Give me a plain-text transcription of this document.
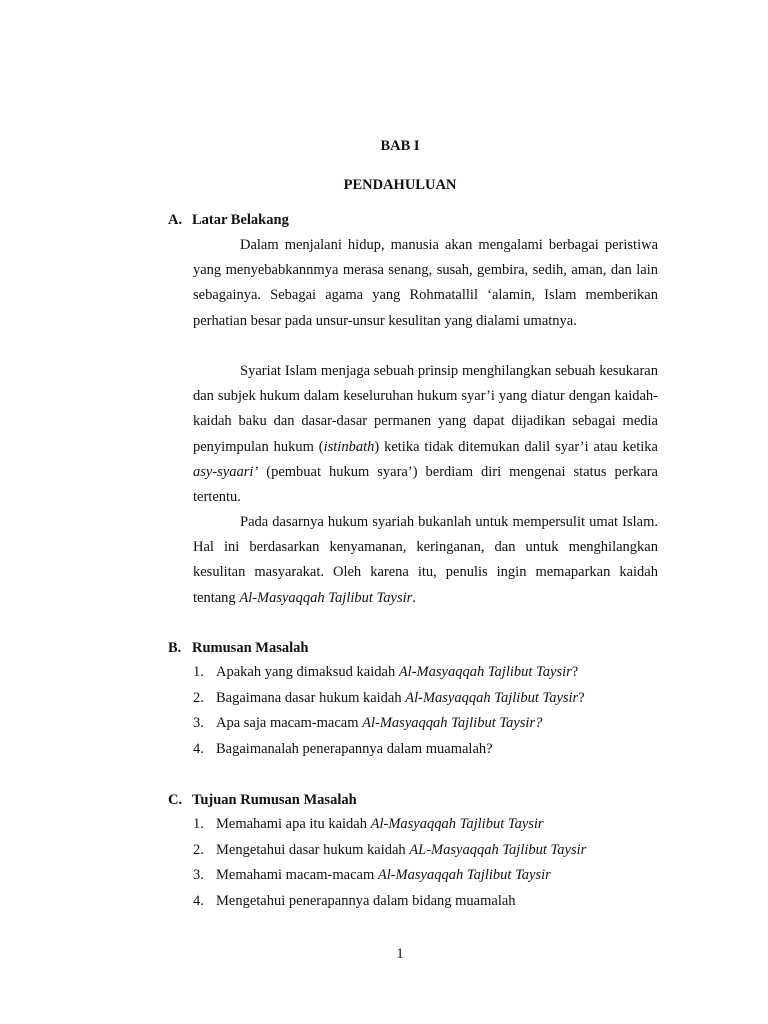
BAB I
PENDAHULUAN
A. Latar Belakang

Dalam menjalani hidup, manusia akan mengalami berbagai peristiwa yang menyebabkannmya merasa senang, susah, gembira, sedih, aman, dan lain sebagainya. Sebagai agama yang Rohmatallil ‘alamin, Islam memberikan perhatian besar pada unsur-unsur kesulitan yang dialami umatnya.

Syariat Islam menjaga sebuah prinsip menghilangkan sebuah kesukaran dan subjek hukum dalam keseluruhan hukum syar’i yang diatur dengan kaidah-kaidah baku dan dasar-dasar permanen yang dapat dijadikan sebagai media penyimpulan hukum (istinbath) ketika tidak ditemukan dalil syar’i atau ketika asy-syaari’ (pembuat hukum syara’) berdiam diri mengenai status perkara tertentu.

Pada dasarnya hukum syariah bukanlah untuk mempersulit umat Islam. Hal ini berdasarkan kenyamanan, keringanan, dan untuk menghilangkan kesulitan masyarakat. Oleh karena itu, penulis ingin memaparkan kaidah tentang Al-Masyaqqah Tajlibut Taysir.

B. Rumusan Masalah
1. Apakah yang dimaksud kaidah Al-Masyaqqah Tajlibut Taysir?
2. Bagaimana dasar hukum kaidah Al-Masyaqqah Tajlibut Taysir?
3. Apa saja macam-macam Al-Masyaqqah Tajlibut Taysir?
4. Bagaimanalah penerapannya dalam muamalah?
C. Tujuan Rumusan Masalah
1. Memahami apa itu kaidah Al-Masyaqqah Tajlibut Taysir
2. Mengetahui dasar hukum kaidah AL-Masyaqqah Tajlibut Taysir
3. Memahami macam-macam Al-Masyaqqah Tajlibut Taysir
4. Mengetahui penerapannya dalam bidang muamalah
1
